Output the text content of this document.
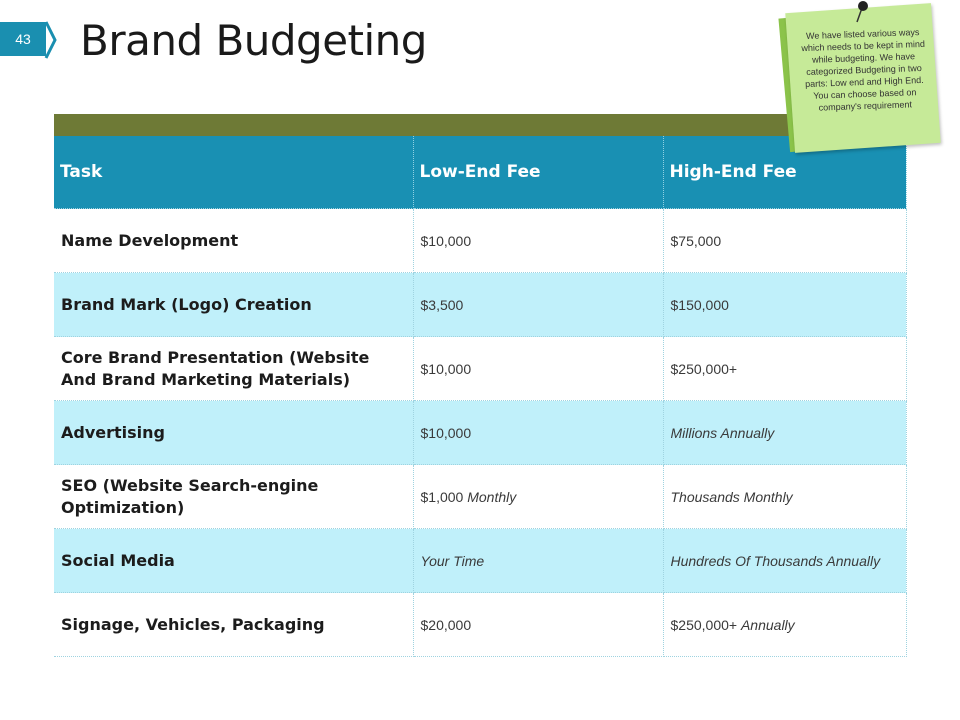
43 Brand Budgeting
Task	Low-End Fee	High-End Fee
Name Development	$10,000	$75,000
Brand Mark (Logo) Creation	$3,500	$150,000
Core Brand Presentation (Website And Brand Marketing Materials)	$10,000	$250,000+
Advertising	$10,000	Millions Annually
SEO (Website Search-engine Optimization)	$1,000 Monthly	Thousands Monthly
Social Media	Your Time	Hundreds Of Thousands Annually
Signage, Vehicles, Packaging	$20,000	$250,000+ Annually
We have listed various ways which needs to be kept in mind while budgeting. We have categorized Budgeting in two parts: Low end and High End. You can choose based on company's requirement
